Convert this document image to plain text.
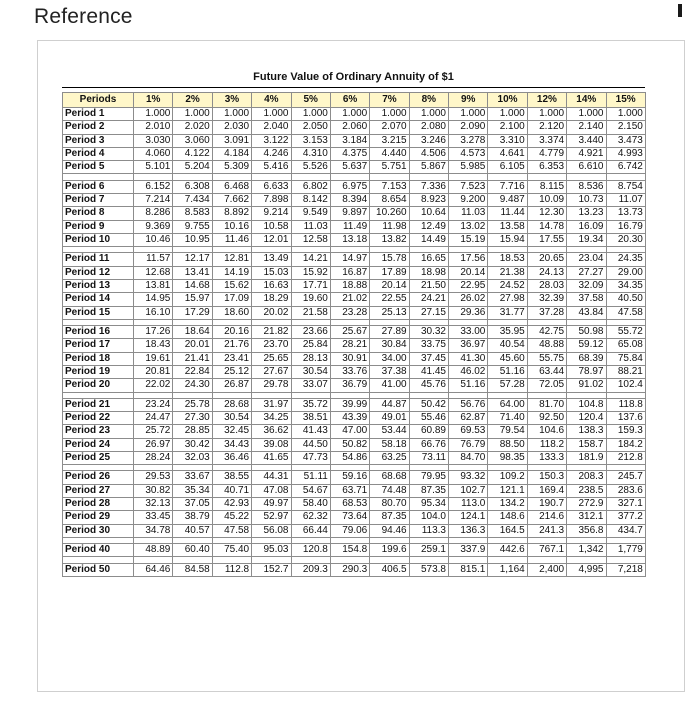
Reference
Future Value of Ordinary Annuity of $1
Periods	1%	2%	3%	4%	5%	6%	7%	8%	9%	10%	12%	14%	15%
Period 1	1.000	1.000	1.000	1.000	1.000	1.000	1.000	1.000	1.000	1.000	1.000	1.000	1.000
Period 2	2.010	2.020	2.030	2.040	2.050	2.060	2.070	2.080	2.090	2.100	2.120	2.140	2.150
Period 3	3.030	3.060	3.091	3.122	3.153	3.184	3.215	3.246	3.278	3.310	3.374	3.440	3.473
Period 4	4.060	4.122	4.184	4.246	4.310	4.375	4.440	4.506	4.573	4.641	4.779	4.921	4.993
Period 5	5.101	5.204	5.309	5.416	5.526	5.637	5.751	5.867	5.985	6.105	6.353	6.610	6.742

Period 6	6.152	6.308	6.468	6.633	6.802	6.975	7.153	7.336	7.523	7.716	8.115	8.536	8.754
Period 7	7.214	7.434	7.662	7.898	8.142	8.394	8.654	8.923	9.200	9.487	10.09	10.73	11.07
Period 8	8.286	8.583	8.892	9.214	9.549	9.897	10.260	10.64	11.03	11.44	12.30	13.23	13.73
Period 9	9.369	9.755	10.16	10.58	11.03	11.49	11.98	12.49	13.02	13.58	14.78	16.09	16.79
Period 10	10.46	10.95	11.46	12.01	12.58	13.18	13.82	14.49	15.19	15.94	17.55	19.34	20.30

Period 11	11.57	12.17	12.81	13.49	14.21	14.97	15.78	16.65	17.56	18.53	20.65	23.04	24.35
Period 12	12.68	13.41	14.19	15.03	15.92	16.87	17.89	18.98	20.14	21.38	24.13	27.27	29.00
Period 13	13.81	14.68	15.62	16.63	17.71	18.88	20.14	21.50	22.95	24.52	28.03	32.09	34.35
Period 14	14.95	15.97	17.09	18.29	19.60	21.02	22.55	24.21	26.02	27.98	32.39	37.58	40.50
Period 15	16.10	17.29	18.60	20.02	21.58	23.28	25.13	27.15	29.36	31.77	37.28	43.84	47.58

Period 16	17.26	18.64	20.16	21.82	23.66	25.67	27.89	30.32	33.00	35.95	42.75	50.98	55.72
Period 17	18.43	20.01	21.76	23.70	25.84	28.21	30.84	33.75	36.97	40.54	48.88	59.12	65.08
Period 18	19.61	21.41	23.41	25.65	28.13	30.91	34.00	37.45	41.30	45.60	55.75	68.39	75.84
Period 19	20.81	22.84	25.12	27.67	30.54	33.76	37.38	41.45	46.02	51.16	63.44	78.97	88.21
Period 20	22.02	24.30	26.87	29.78	33.07	36.79	41.00	45.76	51.16	57.28	72.05	91.02	102.4

Period 21	23.24	25.78	28.68	31.97	35.72	39.99	44.87	50.42	56.76	64.00	81.70	104.8	118.8
Period 22	24.47	27.30	30.54	34.25	38.51	43.39	49.01	55.46	62.87	71.40	92.50	120.4	137.6
Period 23	25.72	28.85	32.45	36.62	41.43	47.00	53.44	60.89	69.53	79.54	104.6	138.3	159.3
Period 24	26.97	30.42	34.43	39.08	44.50	50.82	58.18	66.76	76.79	88.50	118.2	158.7	184.2
Period 25	28.24	32.03	36.46	41.65	47.73	54.86	63.25	73.11	84.70	98.35	133.3	181.9	212.8

Period 26	29.53	33.67	38.55	44.31	51.11	59.16	68.68	79.95	93.32	109.2	150.3	208.3	245.7
Period 27	30.82	35.34	40.71	47.08	54.67	63.71	74.48	87.35	102.7	121.1	169.4	238.5	283.6
Period 28	32.13	37.05	42.93	49.97	58.40	68.53	80.70	95.34	113.0	134.2	190.7	272.9	327.1
Period 29	33.45	38.79	45.22	52.97	62.32	73.64	87.35	104.0	124.1	148.6	214.6	312.1	377.2
Period 30	34.78	40.57	47.58	56.08	66.44	79.06	94.46	113.3	136.3	164.5	241.3	356.8	434.7

Period 40	48.89	60.40	75.40	95.03	120.8	154.8	199.6	259.1	337.9	442.6	767.1	1,342	1,779

Period 50	64.46	84.58	112.8	152.7	209.3	290.3	406.5	573.8	815.1	1,164	2,400	4,995	7,218
